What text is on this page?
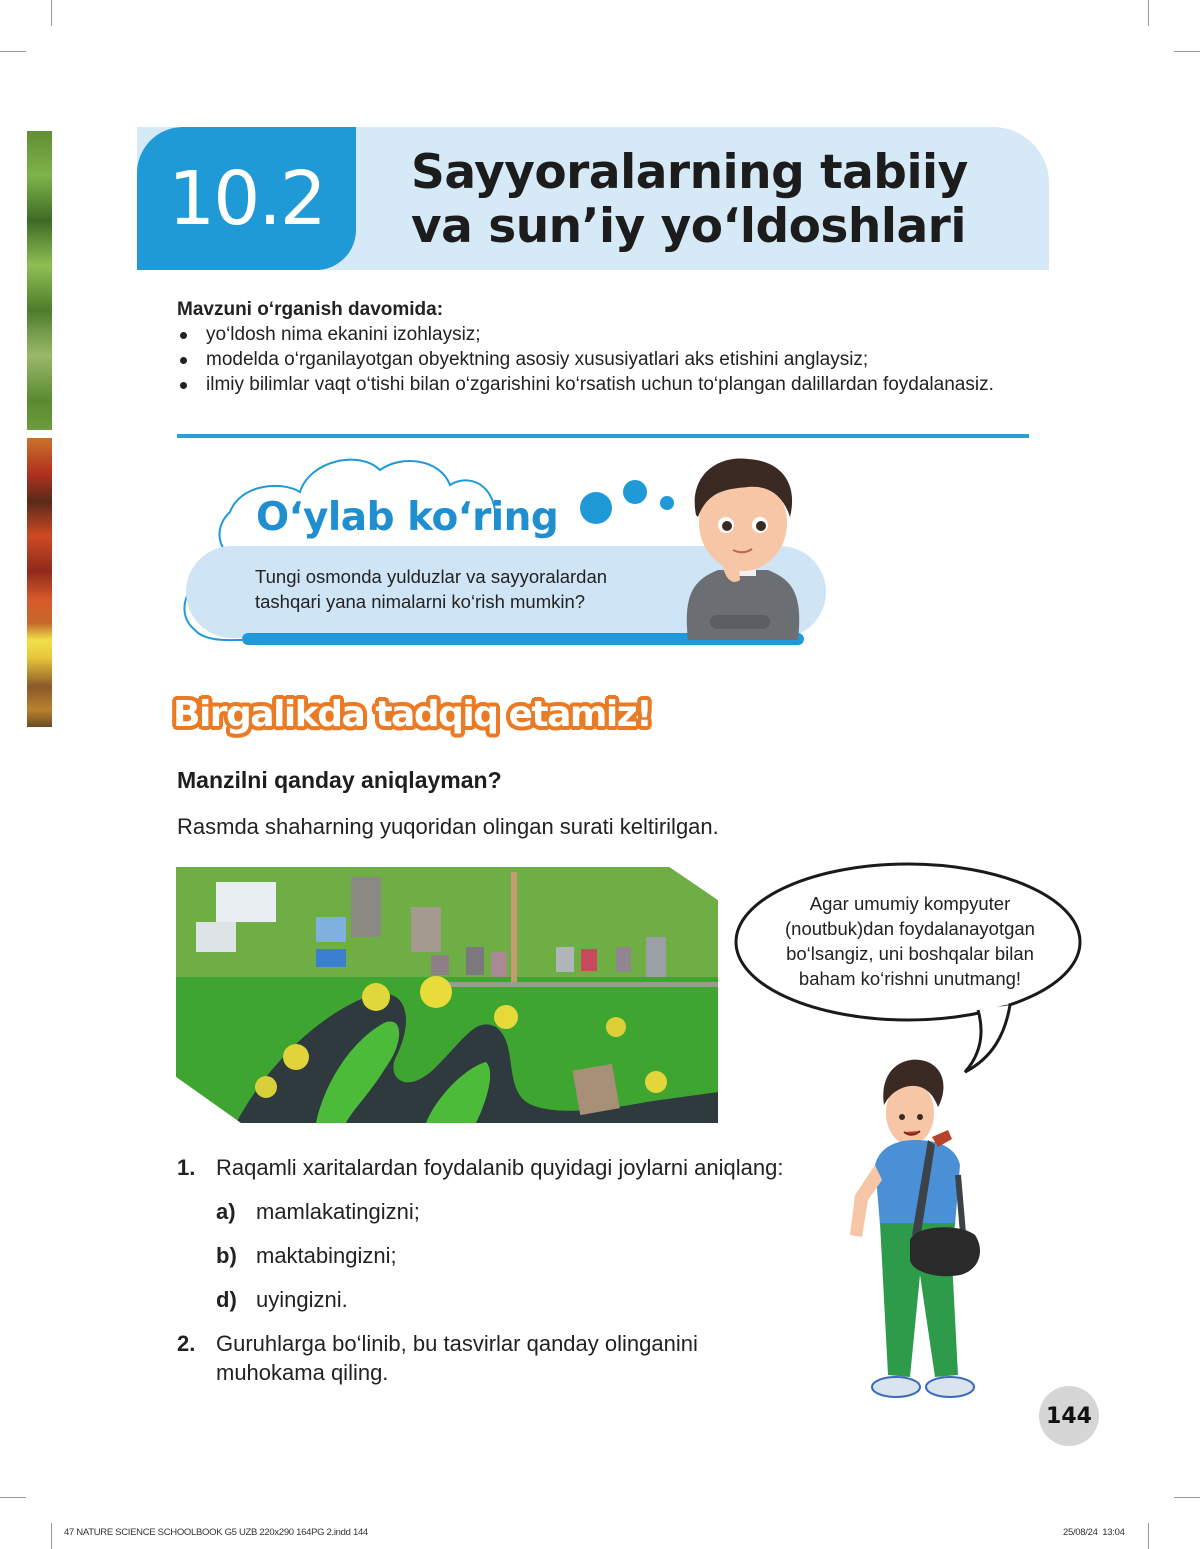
10.2	Sayyoralarning tabiiy
va sun’iy yo‘ldoshlari
Mavzuni o‘rganish davomida:
yo‘ldosh nima ekanini izohlaysiz;
modelda o‘rganilayotgan obyektning asosiy xususiyatlari aks etishini anglaysiz;
ilmiy bilimlar vaqt o‘tishi bilan o‘zgarishini ko‘rsatish uchun to‘plangan dalillardan foydalanasiz.
O‘ylab ko‘ring
Tungi osmonda yulduzlar va sayyoralardan
tashqari yana nimalarni ko‘rish mumkin?
Birgalikda tadqiq etamiz!
Manzilni qanday aniqlayman?
Rasmda shaharning yuqoridan olingan surati keltirilgan.
Agar umumiy kompyuter
(noutbuk)dan foydalanayotgan
bo‘lsangiz, uni boshqalar bilan
baham ko‘rishni unutmang!
1. Raqamli xaritalardan foydalanib quyidagi joylarni aniqlang:
a) mamlakatingizni;
b) maktabingizni;
d) uyingizni.
2. Guruhlarga bo‘linib, bu tasvirlar qanday olinganini
muhokama qiling.
144
47 NATURE SCIENCE SCHOOLBOOK G5 UZB 220x290 164PG 2.indd 144	25/08/24 13:04
